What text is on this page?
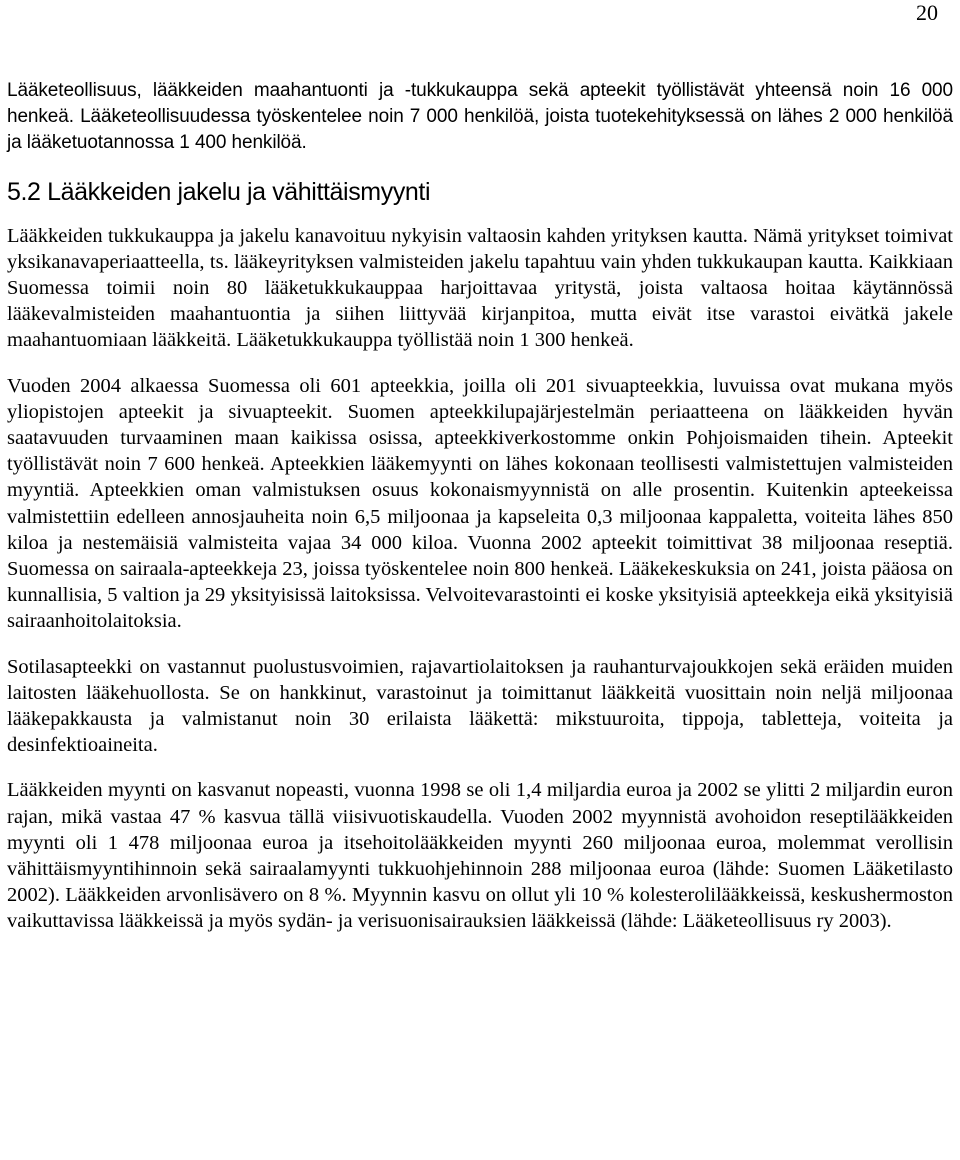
20

Lääketeollisuus, lääkkeiden maahantuonti ja -tukkukauppa sekä apteekit työllistävät yhteensä noin 16 000 henkeä. Lääketeollisuudessa työskentelee noin 7 000 henkilöä, joista tuotekehityksessä on lähes 2 000 henkilöä ja lääketuotannossa 1 400 henkilöä.

5.2 Lääkkeiden jakelu ja vähittäismyynti

Lääkkeiden tukkukauppa ja jakelu kanavoituu nykyisin valtaosin kahden yrityksen kautta. Nämä yritykset toimivat yksikanavaperiaatteella, ts. lääkeyrityksen valmisteiden jakelu tapahtuu vain yhden tukkukaupan kautta. Kaikkiaan Suomessa toimii noin 80 lääketukkukauppaa harjoittavaa yritystä, joista valtaosa hoitaa käytännössä lääkevalmisteiden maahantuontia ja siihen liittyvää kirjanpitoa, mutta eivät itse varastoi eivätkä jakele maahantuomiaan lääkkeitä. Lääketukkukauppa työllistää noin 1 300 henkeä.

Vuoden 2004 alkaessa Suomessa oli 601 apteekkia, joilla oli 201 sivuapteekkia, luvuissa ovat mukana myös yliopistojen apteekit ja sivuapteekit. Suomen apteekkilupajärjestelmän periaatteena on lääkkeiden hyvän saatavuuden turvaaminen maan kaikissa osissa, apteekkiverkostomme onkin Pohjoismaiden tihein. Apteekit työllistävät noin 7 600 henkeä. Apteekkien lääkemyynti on lähes kokonaan teollisesti valmistettujen valmisteiden myyntiä. Apteekkien oman valmistuksen osuus kokonaismyynnistä on alle prosentin. Kuitenkin apteekeissa valmistettiin edelleen annosjauheita noin 6,5 miljoonaa ja kapseleita 0,3 miljoonaa kappaletta, voiteita lähes 850 kiloa ja nestemäisiä valmisteita vajaa 34 000 kiloa. Vuonna 2002 apteekit toimittivat 38 miljoonaa reseptiä. Suomessa on sairaala-apteekkeja 23, joissa työskentelee noin 800 henkeä. Lääkekeskuksia on 241, joista pääosa on kunnallisia, 5 valtion ja 29 yksityisissä laitoksissa. Velvoitevarastointi ei koske yksityisiä apteekkeja eikä yksityisiä sairaanhoitolaitoksia.

Sotilasapteekki on vastannut puolustusvoimien, rajavartiolaitoksen ja rauhanturvajoukkojen sekä eräiden muiden laitosten lääkehuollosta. Se on hankkinut, varastoinut ja toimittanut lääkkeitä vuosittain noin neljä miljoonaa lääkepakkausta ja valmistanut noin 30 erilaista lääkettä: mikstuuroita, tippoja, tabletteja, voiteita ja desinfektioaineita.

Lääkkeiden myynti on kasvanut nopeasti, vuonna 1998 se oli 1,4 miljardia euroa ja 2002 se ylitti 2 miljardin euron rajan, mikä vastaa 47 % kasvua tällä viisivuotiskaudella. Vuoden 2002 myynnistä avohoidon reseptilääkkeiden myynti oli 1 478 miljoonaa euroa ja itsehoitolääkkeiden myynti 260 miljoonaa euroa, molemmat verollisin vähittäismyyntihinnoin sekä sairaalamyynti tukkuohjehinnoin 288 miljoonaa euroa (lähde: Suomen Lääketilasto 2002). Lääkkeiden arvonlisävero on 8 %. Myynnin kasvu on ollut yli 10 % kolesterolilääkkeissä, keskushermoston vaikuttavissa lääkkeissä ja myös sydän- ja verisuonisairauksien lääkkeissä (lähde: Lääketeollisuus ry 2003).
